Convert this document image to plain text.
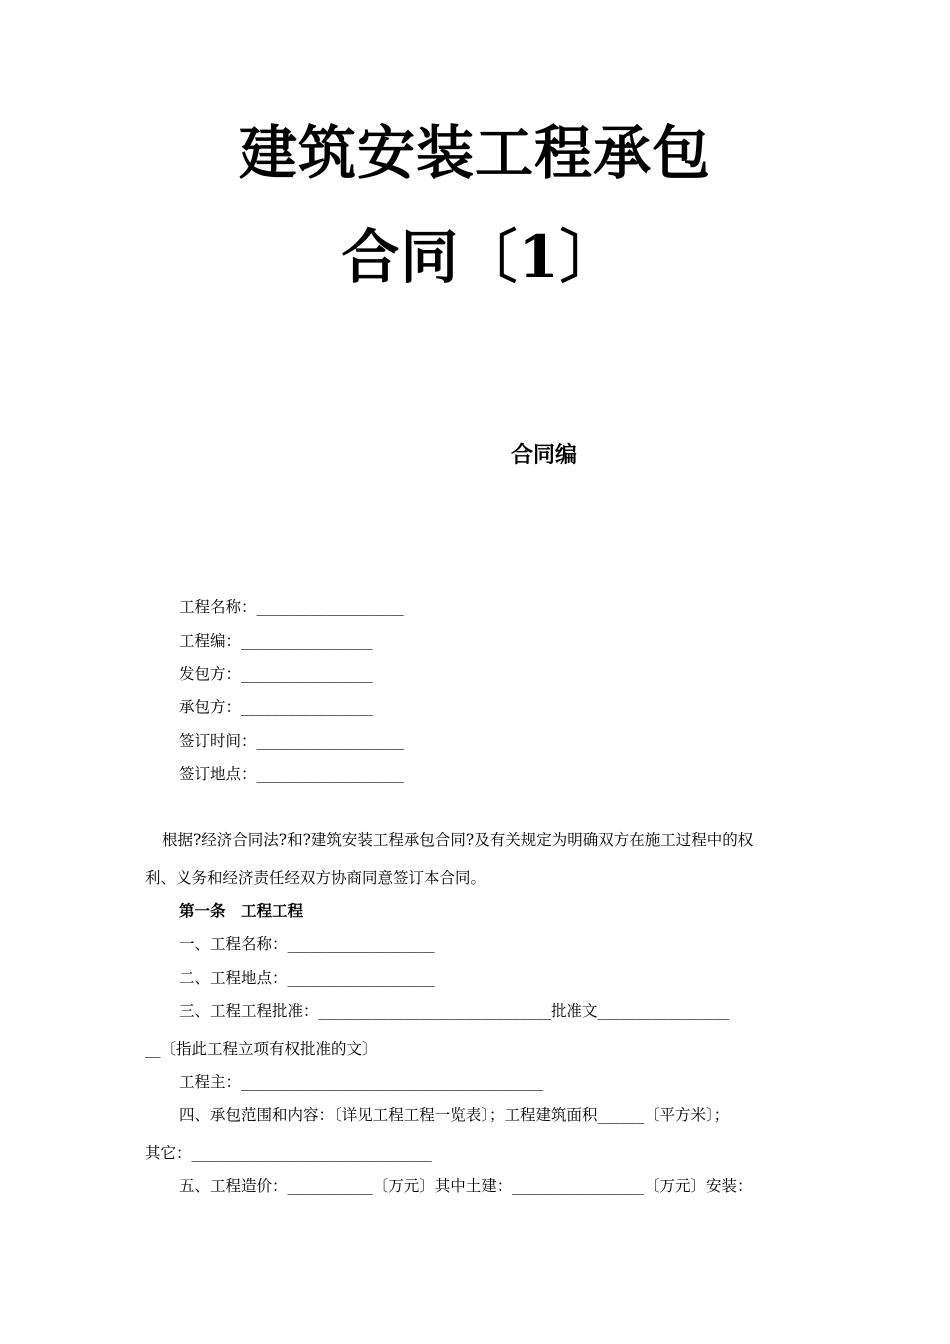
建筑安装工程承包
合同〔1〕
合同编
工程名称：___________________
工程编：_________________
发包方：_________________
承包方：_________________
签订时间：___________________
签订地点：___________________
根据?经济合同法?和?建筑安装工程承包合同?及有关规定为明确双方在施工过程中的权
利、义务和经济责任经双方协商同意签订本合同。
第一条　工程工程
一、工程名称：___________________
二、工程地点：___________________
三、工程工程批准：______________________________批准文_________________
__〔指此工程立项有权批准的文〕
工程主：_______________________________________
四、承包范围和内容：〔详见工程工程一览表〕；工程建筑面积______〔平方米〕；
其它：_______________________________
五、工程造价：___________〔万元〕其中土建：_________________〔万元〕安装：
